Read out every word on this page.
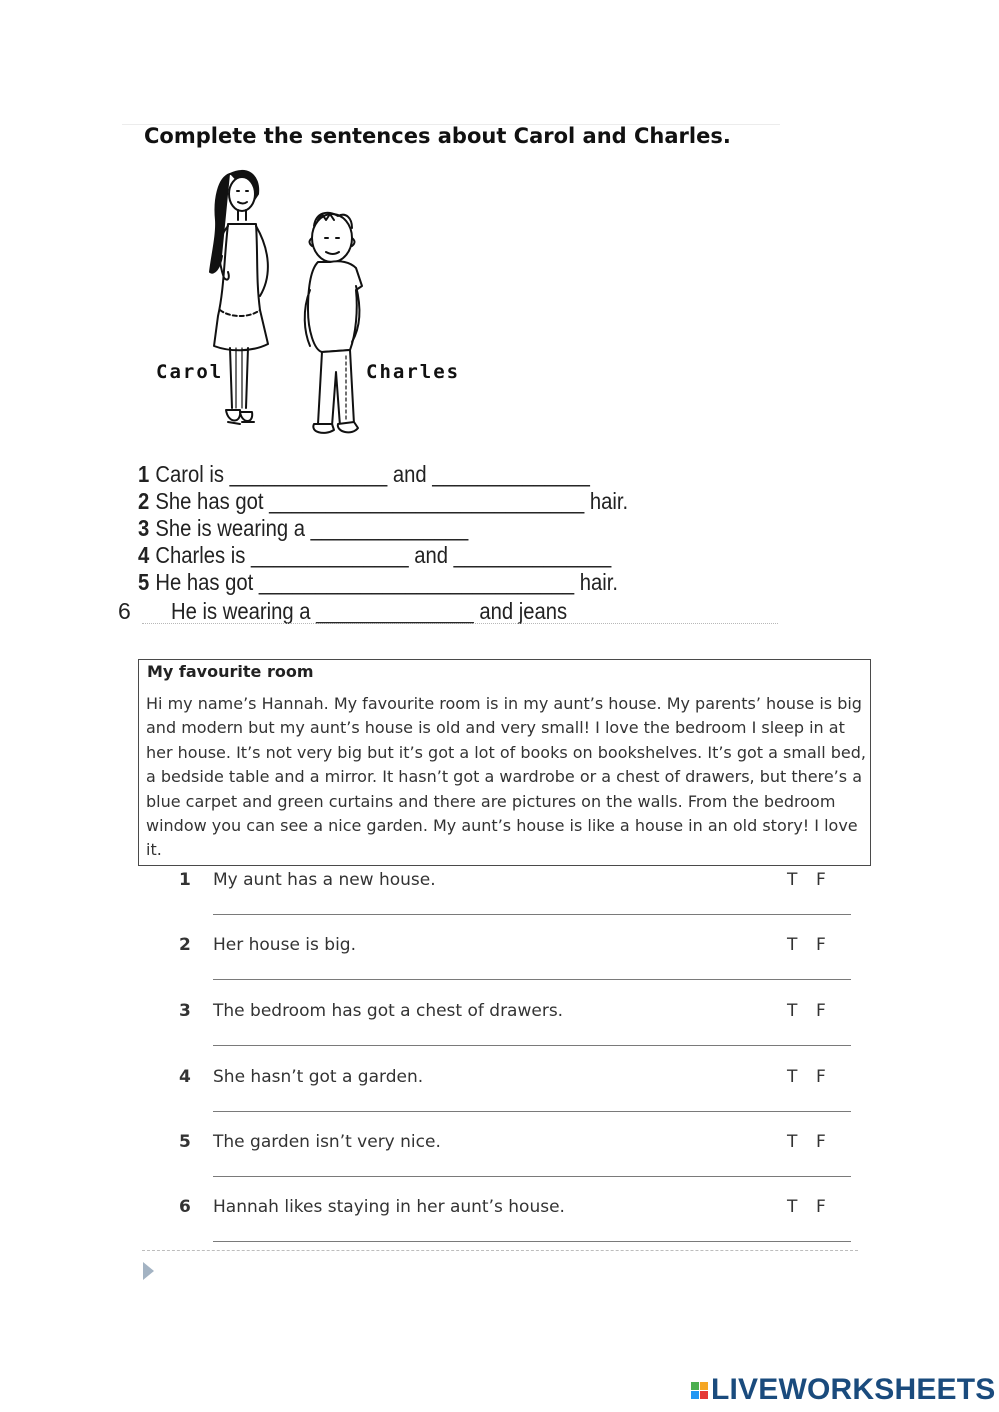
Complete the sentences about Carol and Charles.
Carol	Charles
1 Carol is ______________ and ______________
2 She has got ____________________________ hair.
3 She is wearing a ______________
4 Charles is ______________ and ______________
5 He has got ____________________________ hair.
6 He is wearing a ______________ and jeans
My favourite room
Hi my name’s Hannah. My favourite room is in my aunt’s house. My parents’ house is big and modern but my aunt’s house is old and very small! I love the bedroom I sleep in at her house. It’s not very big but it’s got a lot of books on bookshelves. It’s got a small bed, a bedside table and a mirror. It hasn’t got a wardrobe or a chest of drawers, but there’s a blue carpet and green curtains and there are pictures on the walls. From the bedroom window you can see a nice garden. My aunt’s house is like a house in an old story! I love it.
1 My aunt has a new house.	T F
2 Her house is big.	T F
3 The bedroom has got a chest of drawers.	T F
4 She hasn’t got a garden.	T F
5 The garden isn’t very nice.	T F
6 Hannah likes staying in her aunt’s house.	T F
LIVEWORKSHEETS
